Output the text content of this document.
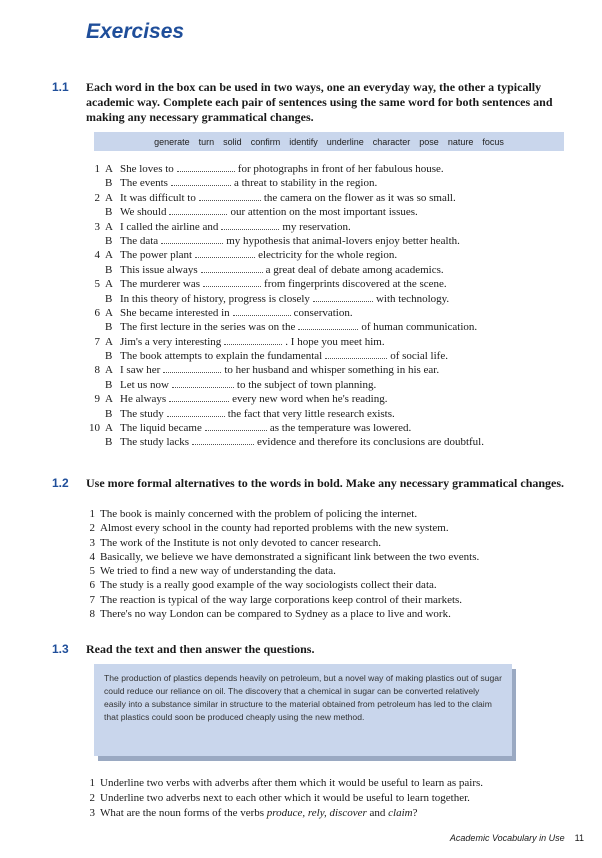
Exercises
1.1 Each word in the box can be used in two ways, one an everyday way, the other a typically academic way. Complete each pair of sentences using the same word for both sentences and making any necessary grammatical changes.
generate turn solid confirm identify underline character pose nature focus
1 A She loves to	for photographs in front of her fabulous house.
B The events	a threat to stability in the region.
2 A It was difficult to	the camera on the flower as it was so small.
B We should	our attention on the most important issues.
3 A I called the airline and	my reservation.
B The data	my hypothesis that animal-lovers enjoy better health.
4 A The power plant	electricity for the whole region.
B This issue always	a great deal of debate among academics.
5 A The murderer was	from fingerprints discovered at the scene.
B In this theory of history, progress is closely	with technology.
6 A She became interested in	conservation.
B The first lecture in the series was on the	of human communication.
7 A Jim's a very interesting	. I hope you meet him.
B The book attempts to explain the fundamental	of social life.
8 A I saw her	to her husband and whisper something in his ear.
B Let us now	to the subject of town planning.
9 A He always	every new word when he's reading.
B The study	the fact that very little research exists.
10 A The liquid became	as the temperature was lowered.
B The study lacks	evidence and therefore its conclusions are doubtful.
1.2 Use more formal alternatives to the words in bold. Make any necessary grammatical changes.
1 The book is mainly concerned with the problem of policing the internet.
2 Almost every school in the county had reported problems with the new system.
3 The work of the Institute is not only devoted to cancer research.
4 Basically, we believe we have demonstrated a significant link between the two events.
5 We tried to find a new way of understanding the data.
6 The study is a really good example of the way sociologists collect their data.
7 The reaction is typical of the way large corporations keep control of their markets.
8 There's no way London can be compared to Sydney as a place to live and work.
1.3 Read the text and then answer the questions.
The production of plastics depends heavily on petroleum, but a novel way of making plastics out of sugar could reduce our reliance on oil. The discovery that a chemical in sugar can be converted relatively easily into a substance similar in structure to the material obtained from petroleum has led to the claim that plastics could soon be produced cheaply using the new method.
1 Underline two verbs with adverbs after them which it would be useful to learn as pairs.
2 Underline two adverbs next to each other which it would be useful to learn together.
3 What are the noun forms of the verbs produce, rely, discover and claim?
Academic Vocabulary in Use 11
